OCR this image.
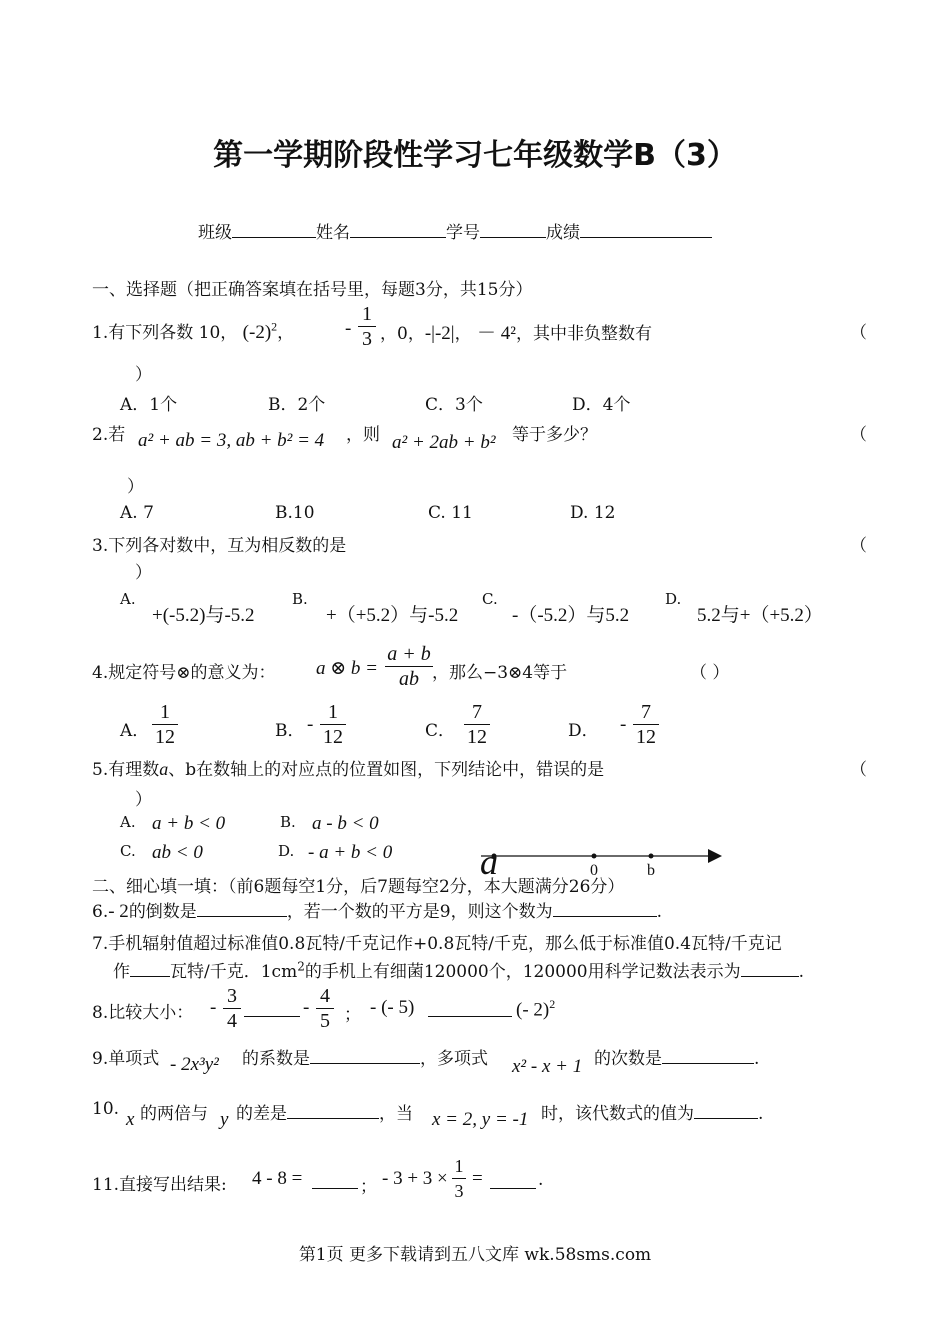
第一学期阶段性学习七年级数学B（3）
班级	姓名	学号	成绩
一、选择题（把正确答案填在括号里，每题3分，共15分）
1.有下列各数 10， $(-2)^2$，	-
1
3 ，0，-|-2|， － 4²，其中非负整数有	（
）
A．1个	B．2个	C．3个	D．4个
2.若 a² + ab = 3, ab + b² = 4 ，则 a² + 2ab + b² 等于多少？	（
）
A. 7	B.10	C. 11	D. 12
3.下列各对数中，互为相反数的是	（
）
A.
+(-5.2)与-5.2
B.
+（+5.2）与-5.2
C.
-（-5.2）与5.2
D.
5.2与+（+5.2）
4.规定符号⊗的意义为： a ⊗ b =
a + b
ab ，那么−3⊗4等于	（ ）
A．
1
12	B． -
1
12	C．
7
12	D． -
7
12
5.有理数a、b在数轴上的对应点的位置如图，下列结论中，错误的是	（
）
A. a + b < 0	B. a - b < 0
C. ab < 0	D. - a + b < 0 a	0	b
二、细心填一填：（前6题每空1分，后7题每空2分，本大题满分26分）
6.- 2的倒数是	，若一个数的平方是9，则这个数为	.
7.手机辐射值超过标准值0.8瓦特/千克记作+0.8瓦特/千克，那么低于标准值0.4瓦特/千克记
作 瓦特/千克．$1cm^2$的手机上有细菌120000个，120000用科学记数法表示为	.
8.比较大小： -
3
4
-
4
5 ； - (- 5)	(- 2)$^2$
9.单项式 - 2x³y² 的系数是	，多项式 x² - x + 1 的次数是	.
10. x 的两倍与 y 的差是	，当 x = 2, y = -1 时，该代数式的值为	.
11.直接写出结果: 4 - 8 =	； - 3 + 3 ×
1
3
=	.
第1页 更多下载请到五八文库 wk.58sms.com
